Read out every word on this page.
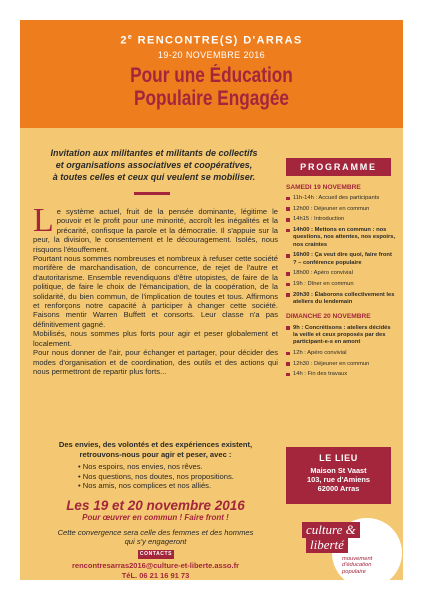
2e RENCONTRE(S) D'ARRAS
19-20 NOVEMBRE 2016
Pour une Éducation
Populaire Engagée
Invitation aux militantes et militants de collectifs
et organisations associatives et coopératives,
à toutes celles et ceux qui veulent se mobiliser.

Le système actuel, fruit de la pensée dominante, légitime le pouvoir et le profit pour une minorité, accroît les inégalités et la précarité, confisque la parole et la démocratie. Il s'appuie sur la peur, la division, le consentement et le découragement. Isolés, nous risquons l'étouffement.

Pourtant nous sommes nombreuses et nombreux à refuser cette société mortifère de marchandisation, de concurrence, de rejet de l'autre et d'autoritarisme. Ensemble revendiquons d'être utopistes, de faire de la politique, de faire le choix de l'émancipation, de la coopération, de la solidarité, du bien commun, de l'implication de toutes et tous. Affirmons et renforçons notre capacité à participer à changer cette société. Faisons mentir Warren Buffett et consorts. Leur classe n'a pas définitivement gagné.

Mobilisés, nous sommes plus forts pour agir et peser globalement et localement.

Pour nous donner de l'air, pour échanger et partager, pour décider des modes d'organisation et de coordination, des outils et des actions qui nous permettront de repartir plus forts...

Des envies, des volontés et des expériences existent,
retrouvons-nous pour agir et peser, avec :
• Nos espoirs, nos envies, nos rêves.
• Nos questions, nos doutes, nos propositions.
• Nos amis, nos complices et nos alliés.
Les 19 et 20 novembre 2016
Pour œuvrer en commun ! Faire front !
Cette convergence sera celle des femmes et des hommes
qui s'y engageront
CONTACTS
rencontresarras2016@culture-et-liberte.asso.fr
TéL. 06 21 16 91 73
PROGRAMME
SAMEDI 19 NOVEMBRE
11h-14h : Accueil des participants
12h00 : Déjeuner en commun
14h15 : Introduction
14h00 : Mettons en commun : nos questions, nos attentes, nos espoirs, nos craintes
16h00 : Ça veut dire quoi, faire front ? – conférence populaire
18h00 : Apéro convivial
19h : Dîner en commun
20h30 : Élaborons collectivement les ateliers du lendemain
DIMANCHE 20 NOVEMBRE
9h : Concrétisons : ateliers décidés la veille et ceux proposés par des participant-e-s en amont
12h : Apéro convivial
12h30 : Déjeuner en commun
14h : Fin des travaux
LE LIEU
Maison St Vaast
103, rue d'Amiens
62000 Arras
culture &
liberté
mouvement
d'éducation
populaire
